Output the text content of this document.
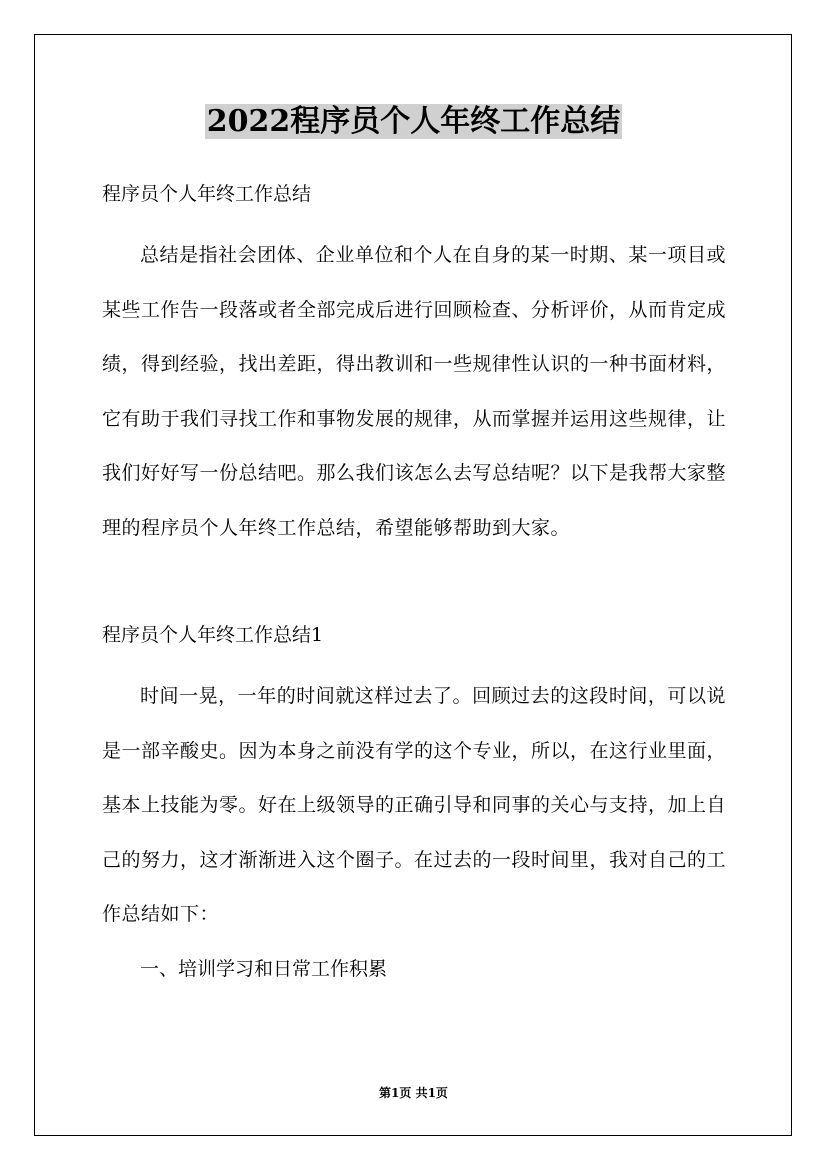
2022程序员个人年终工作总结

程序员个人年终工作总结

总结是指社会团体、企业单位和个人在自身的某一时期、某一项目或某些工作告一段落或者全部完成后进行回顾检查、分析评价，从而肯定成绩，得到经验，找出差距，得出教训和一些规律性认识的一种书面材料，它有助于我们寻找工作和事物发展的规律，从而掌握并运用这些规律，让我们好好写一份总结吧。那么我们该怎么去写总结呢？以下是我帮大家整理的程序员个人年终工作总结，希望能够帮助到大家。

程序员个人年终工作总结1

时间一晃，一年的时间就这样过去了。回顾过去的这段时间，可以说是一部辛酸史。因为本身之前没有学的这个专业，所以，在这行业里面，基本上技能为零。好在上级领导的正确引导和同事的关心与支持，加上自己的努力，这才渐渐进入这个圈子。在过去的一段时间里，我对自己的工作总结如下：

一、培训学习和日常工作积累

第1页 共1页
